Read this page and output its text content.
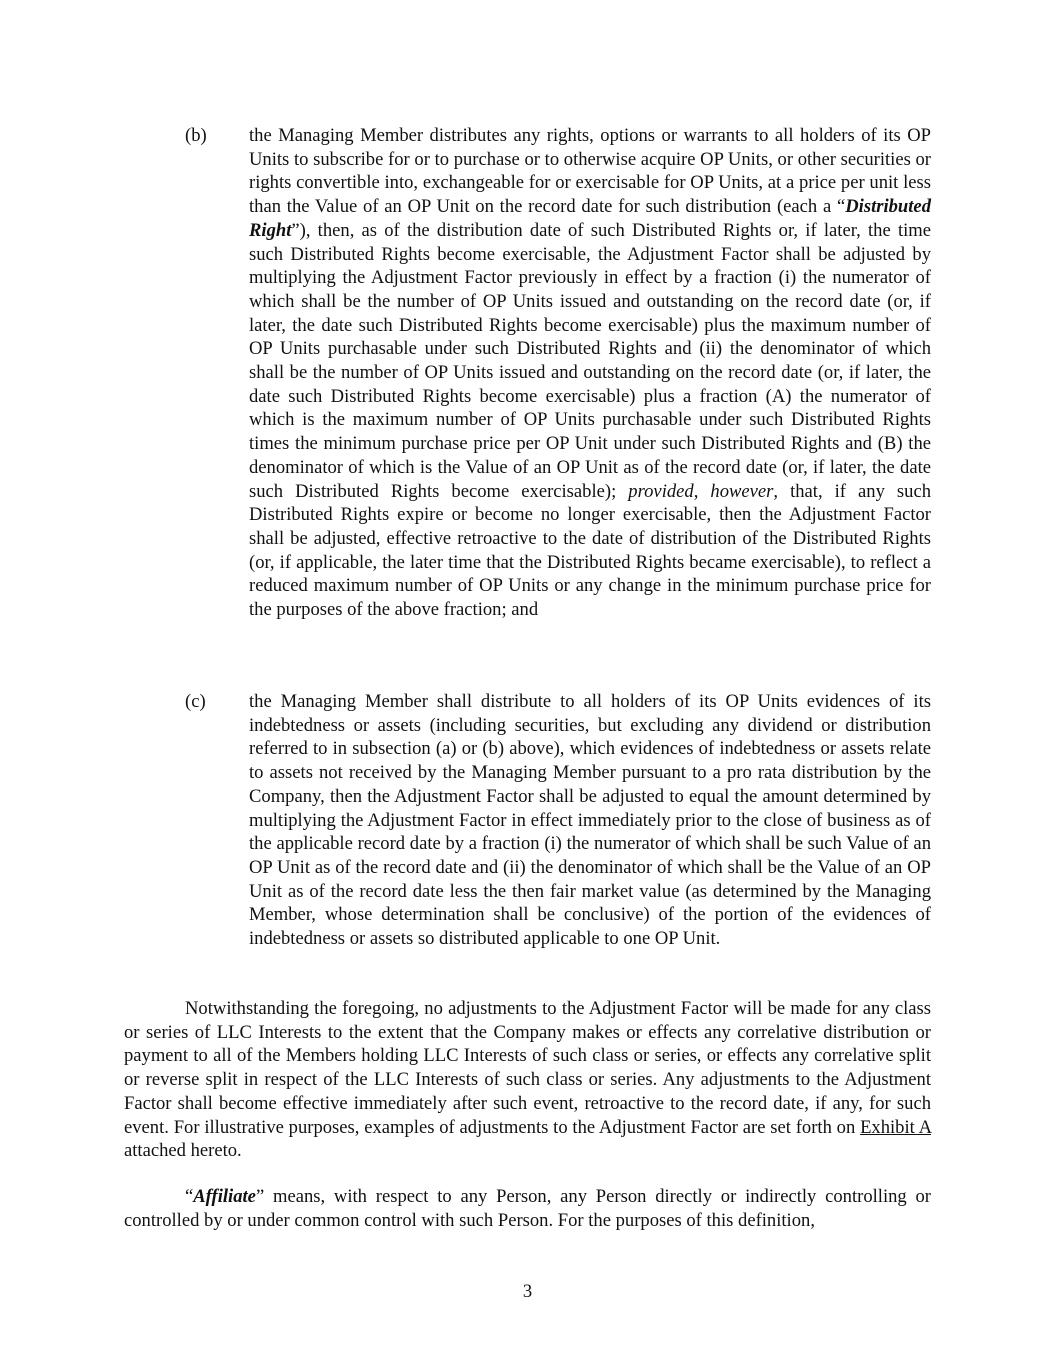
(b) the Managing Member distributes any rights, options or warrants to all holders of its OP Units to subscribe for or to purchase or to otherwise acquire OP Units, or other securities or rights convertible into, exchangeable for or exercisable for OP Units, at a price per unit less than the Value of an OP Unit on the record date for such distribution (each a “Distributed Right”), then, as of the distribution date of such Distributed Rights or, if later, the time such Distributed Rights become exercisable, the Adjustment Factor shall be adjusted by multiplying the Adjustment Factor previously in effect by a fraction (i) the numerator of which shall be the number of OP Units issued and outstanding on the record date (or, if later, the date such Distributed Rights become exercisable) plus the maximum number of OP Units purchasable under such Distributed Rights and (ii) the denominator of which shall be the number of OP Units issued and outstanding on the record date (or, if later, the date such Distributed Rights become exercisable) plus a fraction (A) the numerator of which is the maximum number of OP Units purchasable under such Distributed Rights times the minimum purchase price per OP Unit under such Distributed Rights and (B) the denominator of which is the Value of an OP Unit as of the record date (or, if later, the date such Distributed Rights become exercisable); provided, however, that, if any such Distributed Rights expire or become no longer exercisable, then the Adjustment Factor shall be adjusted, effective retroactive to the date of distribution of the Distributed Rights (or, if applicable, the later time that the Distributed Rights became exercisable), to reflect a reduced maximum number of OP Units or any change in the minimum purchase price for the purposes of the above fraction; and
(c) the Managing Member shall distribute to all holders of its OP Units evidences of its indebtedness or assets (including securities, but excluding any dividend or distribution referred to in subsection (a) or (b) above), which evidences of indebtedness or assets relate to assets not received by the Managing Member pursuant to a pro rata distribution by the Company, then the Adjustment Factor shall be adjusted to equal the amount determined by multiplying the Adjustment Factor in effect immediately prior to the close of business as of the applicable record date by a fraction (i) the numerator of which shall be such Value of an OP Unit as of the record date and (ii) the denominator of which shall be the Value of an OP Unit as of the record date less the then fair market value (as determined by the Managing Member, whose determination shall be conclusive) of the portion of the evidences of indebtedness or assets so distributed applicable to one OP Unit.

Notwithstanding the foregoing, no adjustments to the Adjustment Factor will be made for any class or series of LLC Interests to the extent that the Company makes or effects any correlative distribution or payment to all of the Members holding LLC Interests of such class or series, or effects any correlative split or reverse split in respect of the LLC Interests of such class or series. Any adjustments to the Adjustment Factor shall become effective immediately after such event, retroactive to the record date, if any, for such event. For illustrative purposes, examples of adjustments to the Adjustment Factor are set forth on Exhibit A attached hereto.

“Affiliate” means, with respect to any Person, any Person directly or indirectly controlling or controlled by or under common control with such Person. For the purposes of this definition,

3
